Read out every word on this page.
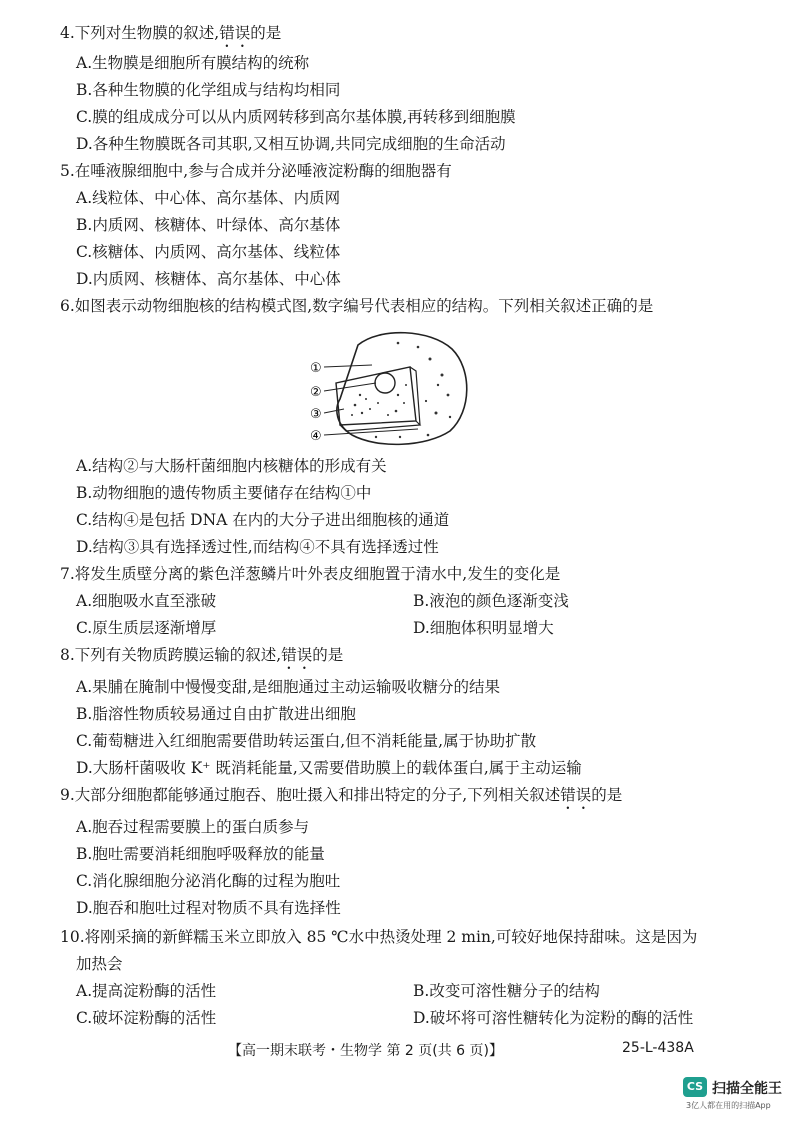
4.下列对生物膜的叙述,错误的是
A.生物膜是细胞所有膜结构的统称
B.各种生物膜的化学组成与结构均相同
C.膜的组成成分可以从内质网转移到高尔基体膜,再转移到细胞膜
D.各种生物膜既各司其职,又相互协调,共同完成细胞的生命活动
5.在唾液腺细胞中,参与合成并分泌唾液淀粉酶的细胞器有
A.线粒体、中心体、高尔基体、内质网
B.内质网、核糖体、叶绿体、高尔基体
C.核糖体、内质网、高尔基体、线粒体
D.内质网、核糖体、高尔基体、中心体
6.如图表示动物细胞核的结构模式图,数字编号代表相应的结构。下列相关叙述正确的是
①
②
③
④
A.结构②与大肠杆菌细胞内核糖体的形成有关
B.动物细胞的遗传物质主要储存在结构①中
C.结构④是包括 DNA 在内的大分子进出细胞核的通道
D.结构③具有选择透过性,而结构④不具有选择透过性
7.将发生质壁分离的紫色洋葱鳞片叶外表皮细胞置于清水中,发生的变化是
A.细胞吸水直至涨破	B.液泡的颜色逐渐变浅
C.原生质层逐渐增厚	D.细胞体积明显增大
8.下列有关物质跨膜运输的叙述,错误的是
A.果脯在腌制中慢慢变甜,是细胞通过主动运输吸收糖分的结果
B.脂溶性物质较易通过自由扩散进出细胞
C.葡萄糖进入红细胞需要借助转运蛋白,但不消耗能量,属于协助扩散
D.大肠杆菌吸收 K⁺ 既消耗能量,又需要借助膜上的载体蛋白,属于主动运输
9.大部分细胞都能够通过胞吞、胞吐摄入和排出特定的分子,下列相关叙述错误的是
A.胞吞过程需要膜上的蛋白质参与
B.胞吐需要消耗细胞呼吸释放的能量
C.消化腺细胞分泌消化酶的过程为胞吐
D.胞吞和胞吐过程对物质不具有选择性
10.将刚采摘的新鲜糯玉米立即放入 85 ℃水中热烫处理 2 min,可较好地保持甜味。这是因为
加热会
A.提高淀粉酶的活性	B.改变可溶性糖分子的结构
C.破坏淀粉酶的活性	D.破坏将可溶性糖转化为淀粉的酶的活性
【高一期末联考・生物学 第 2 页(共 6 页)】	25-L-438A
CS 扫描全能王
3亿人都在用的扫描App
